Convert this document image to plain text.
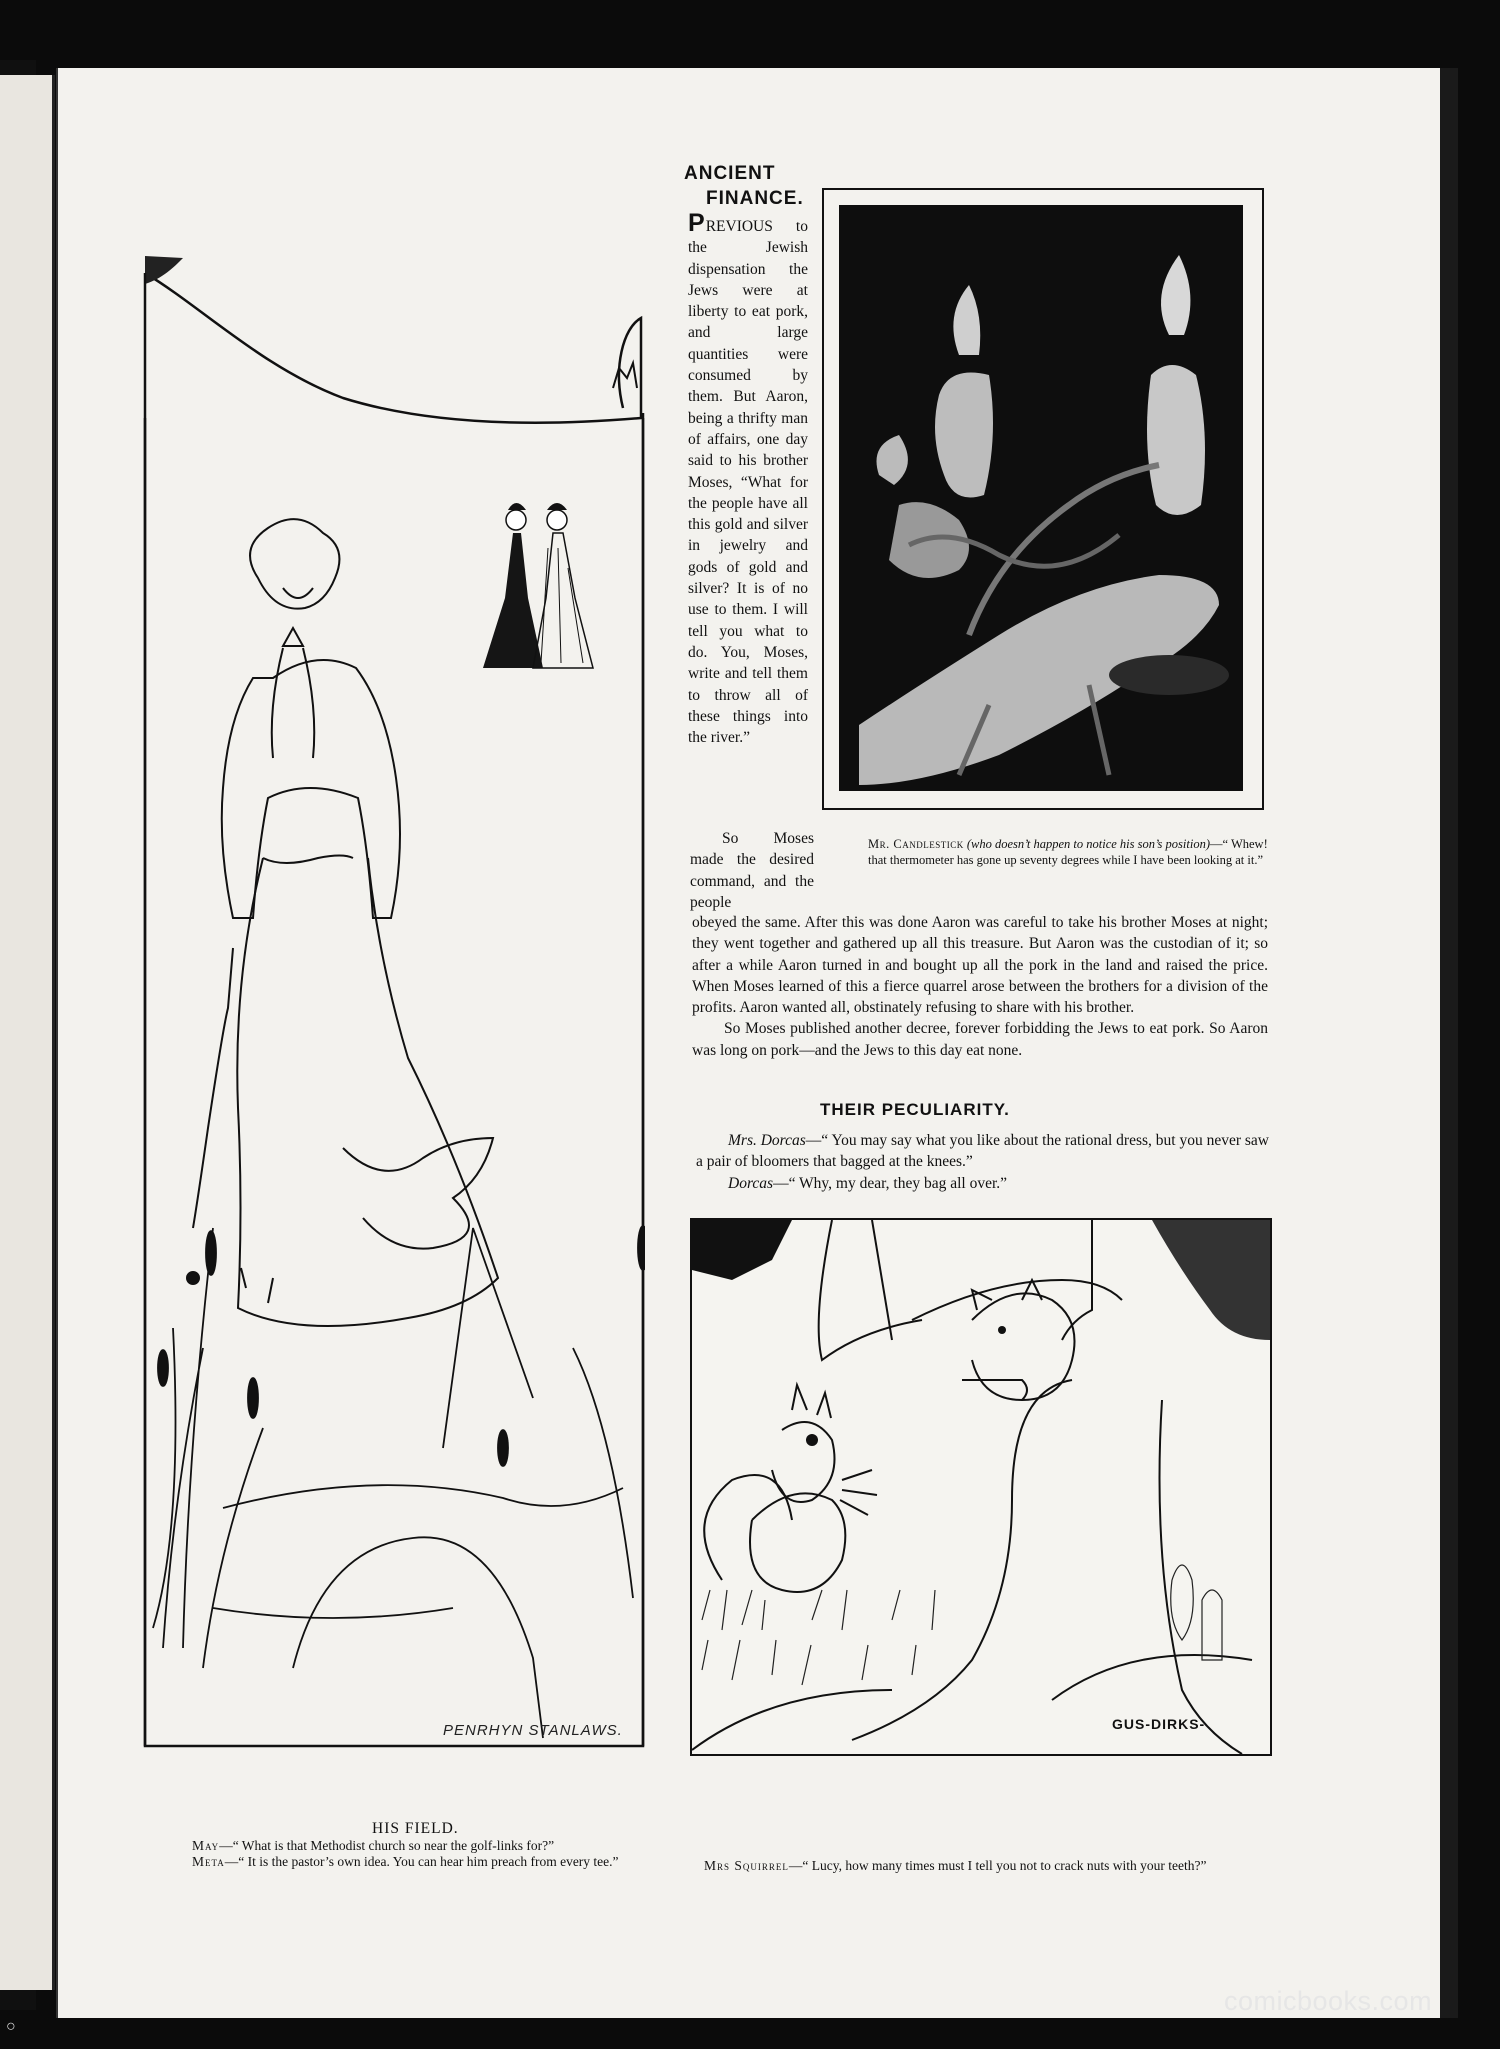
PENRHYN STANLAWS.
ANCIENT
FINANCE.
PREVIOUS to the Jewish dispensation the Jews were at liberty to eat pork, and large quantities were consumed by them. But Aaron, being a thrifty man of affairs, one day said to his brother Moses, “What for the people have all this gold and silver in jewelry and gods of gold and silver? It is of no use to them. I will tell you what to do. You, Moses, write and tell them to throw all of these things into the river.”
So Moses made the desired command, and the people

obeyed the same. After this was done Aaron was careful to take his brother Moses at night; they went together and gathered up all this treasure. But Aaron was the custodian of it; so after a while Aaron turned in and bought up all the pork in the land and raised the price. When Moses learned of this a fierce quarrel arose between the brothers for a division of the profits. Aaron wanted all, obstinately refusing to share with his brother.

So Moses published another decree, forever forbidding the Jews to eat pork. So Aaron was long on pork—and the Jews to this day eat none.

Mr. Candlestick (who doesn’t happen to notice his son’s position)—“ Whew! that thermometer has gone up seventy degrees while I have been looking at it.”
THEIR PECULIARITY.

Mrs. Dorcas—“ You may say what you like about the rational dress, but you never saw a pair of bloomers that bagged at the knees.”

Dorcas—“ Why, my dear, they bag all over.”

GUS-DIRKS-
HIS FIELD.

May—“ What is that Methodist church so near the golf-links for?”

Meta—“ It is the pastor’s own idea. You can hear him preach from every tee.”	Mrs Squirrel—“ Lucy, how many times must I tell you not to crack nuts with your teeth?”
comicbooks.com
○
